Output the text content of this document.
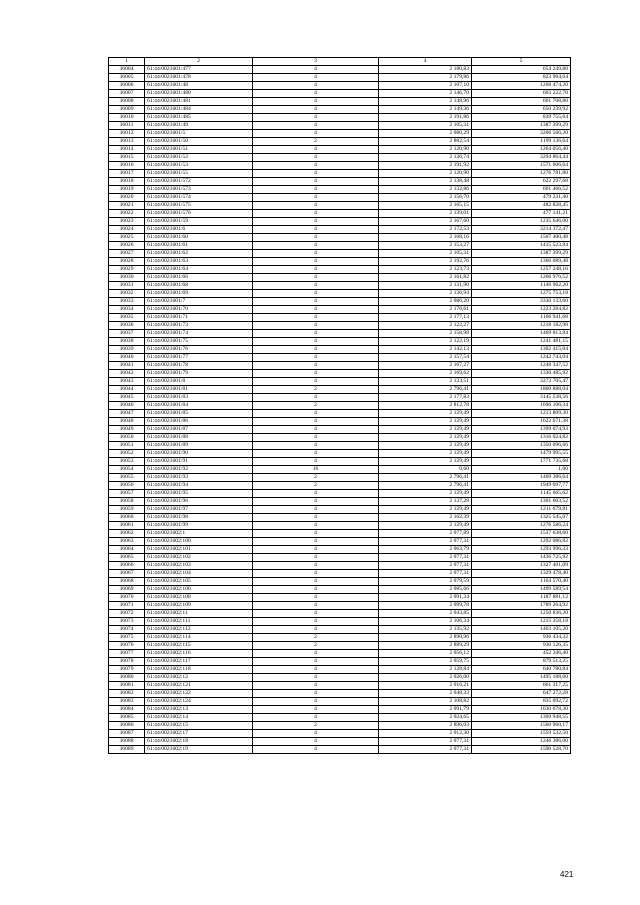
1	2	3	4	5
36004	61:44:0021601:477	4	2 180,83	654 249,80
36005	61:44:0021601:478	4	2 179,86	823 964,64
36006	61:44:0021601:48	4	2 107,10	1268 474,20
36007	61:44:0021601:480	4	2 146,70	603 222,70
36008	61:44:0021601:481	4	2 148,96	601 708,80
36009	61:44:0021601:484	4	2 149,36	650 239,92
36010	61:44:0021601:485	4	2 191,86	839 755,64
36011	61:44:0021601:49	4	2 105,31	1387 399,29
36012	61:44:0021601:5	4	2 080,29	3206 566,20
36013	61:44:0021601:50	2	2 882,54	1199 136,64
36014	61:44:0021601:51	4	2 120,90	1264 056,40
36015	61:44:0021601:52	4	2 136,74	3294 864,44
36016	61:44:0021601:53	4	2 191,92	1571 606,64
36017	61:44:0021601:55	4	2 120,90	1276 781,80
36018	61:44:0021601:572	4	2 138,48	622 297,68
36019	61:44:0021601:573	4	2 132,86	601 466,52
36020	61:44:0021601:574	4	2 156,70	479 231,40
36021	61:44:0021601:575	4	2 165,15	482 828,45
36022	61:44:0021601:576	4	2 139,01	477 141,21
36023	61:44:0021601:59	4	2 167,60	1235 646,00
36024	61:44:0021601:6	4	2 172,53	3214 372,47
36025	61:44:0021601:60	4	2 168,16	1507 400,48
36026	61:44:0021601:61	4	2 153,27	1415 523,84
36027	61:44:0021601:62	4	2 105,31	1387 399,29
36028	61:44:0021601:63	4	2 192,76	1366 089,48
36029	61:44:0021601:64	4	2 123,73	1257 248,16
36030	61:44:0021601:66	4	2 161,82	1266 976,52
36031	61:44:0021601:68	4	2 131,90	1146 962,20
36032	61:44:0021601:69	4	2 136,94	1275 753,18
36033	61:44:0021601:7	4	2 086,20	3330 133,60
36034	61:44:0021601:70	4	2 176,61	1223 284,82
36035	61:44:0021601:71	4	2 177,13	1166 941,68
36036	61:44:0021601:73	4	2 122,27	1218 182,98
36037	61:44:0021601:74	4	2 158,98	1469 813,84
36038	61:44:0021601:75	4	2 122,19	1241 481,15
36039	61:44:0021601:76	4	2 142,13	1302 415,04
36040	61:44:0021601:77	4	2 157,54	1242 743,04
36041	61:44:0021601:78	4	2 167,27	1248 347,52
36042	61:44:0021601:79	4	2 169,62	1336 485,92
36043	61:44:0021601:8	4	2 133,51	3273 705,47
36044	61:44:0021601:81	2	2 796,41	1800 888,04
36045	61:44:0021601:83	4	2 177,83	3145 538,56
36046	61:44:0021601:84	2	2 812,78	1696 106,34
36047	61:44:0021601:85	4	2 129,49	1213 809,30
36048	61:44:0021601:86	4	2 129,49	1622 671,38
36049	61:44:0021601:87	4	2 129,49	1399 074,93
36050	61:44:0021601:88	4	2 129,49	1316 024,82
36051	61:44:0021601:89	4	2 129,49	1350 096,66
36052	61:44:0021601:90	4	2 129,49	1479 995,55
36053	61:44:0021601:91	4	2 129,49	1771 735,68
36054	61:44:0021601:92	16	0,60	1,00
36055	61:44:0021601:93	2	2 796,41	1409 386,64
36056	61:44:0021601:94	2	2 796,41	1949 097,77
36057	61:44:0021601:95	4	2 129,49	1145 665,62
36058	61:44:0021601:96	4	2 137,28	1301 603,52
36059	61:44:0021601:97	4	2 129,49	1211 679,81
36060	61:44:0021601:98	4	2 162,39	1325 545,07
36061	61:44:0021601:99	4	2 129,49	1276 586,24
36062	61:44:0021602:1	4	2 077,89	1537 638,60
36063	61:44:0021602:100	4	2 077,31	1292 086,82
36064	61:44:0021602:101	4	2 063,79	1293 996,33
36065	61:44:0021602:102	4	2 077,31	1436 725,92
36066	61:44:0021602:103	4	2 077,31	1327 401,09
36067	61:44:0021602:104	4	2 077,31	1329 478,40
36068	61:44:0021602:105	4	2 079,59	1164 570,40
36069	61:44:0021602:106	4	2 085,66	1499 589,54
36070	61:44:0021602:108	4	2 091,34	1187 881,12
36071	61:44:0021602:109	4	2 099,78	1789 264,92
36072	61:44:0021602:11	4	2 043,85	1250 836,20
36073	61:44:0021602:111	4	2 106,34	1215 358,18
36074	61:44:0021602:112	4	2 135,92	1463 105,20
36075	61:44:0021602:114	2	2 890,96	936 434,32
36076	61:44:0021602:115	2	2 889,29	930 126,35
36077	61:44:0021602:116	4	2 056,12	452 346,40
36078	61:44:0021602:117	4	2 059,75	879 513,25
36079	61:44:0021602:118	4	2 128,84	640 780,84
36080	61:44:0021602:12	4	2 026,00	1495 188,00
36081	61:44:0021602:121	4	2 016,21	661 317,25
36082	61:44:0021602:122	4	2 048,33	647 272,28
36083	61:44:0021602:124	4	2 108,82	835 092,72
36084	61:44:0021602:13	4	2 091,79	1630 678,30
36085	61:44:0021602:14	4	2 024,65	1309 948,55
36086	61:44:0021602:15	2	2 896,03	1560 960,17
36087	61:44:0021602:17	4	2 012,30	1559 532,50
36088	61:44:0021602:18	4	2 077,31	1246 386,00
36089	61:44:0021602:19	4	2 077,31	1590 528,70
421
